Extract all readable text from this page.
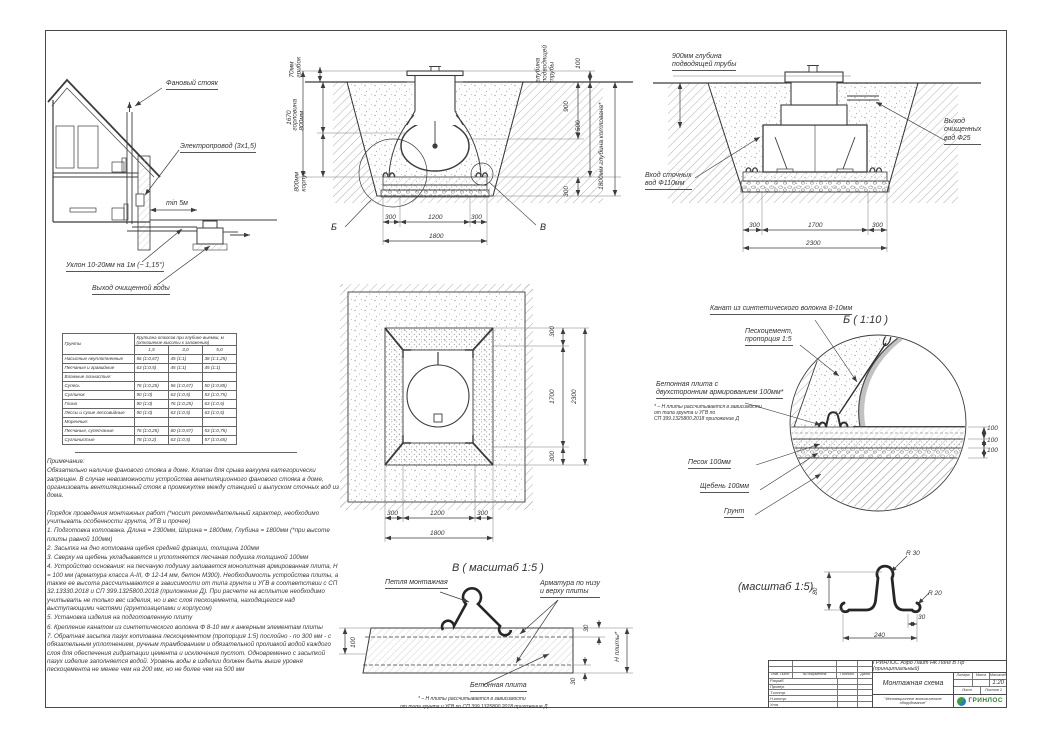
Фановый стояк
Электропровод (3х1,5)
min 5м
Уклон 10-20мм на 1м (~ 1,15°)
Выход очищенной воды
1670
70мм грибок
горловина 800мм
800мм корпус
глубина подводящей трубы	100
900
1500
300
1800мм глубина котлована*
300	1200	300
1800
Б	В
900мм глубина
подводящей трубы
Вход сточных
вод Ф110мм
Выход
очищенных
вод Ф25
300	1700	300
2300
300
1700
300
2300
300	1200	300
1800
Грунты	Крутизна откосов при глубине выемки, м (отношение высоты к заложению)		
	1,5	3,0	5,0
Насыпные неуплотненные	56 (1:0,67)	45 (1:1)	38 (1:1,25)
Песчаные и гравийные	63 (1:0,5)	45 (1:1)	45 (1:1)
Влажные глинистые:			
Супесь	76 (1:0,25)	56 (1:0,67)	50 (1:0,85)
Суглинок	90 (1:0)	63 (1:0,5)	53 (1:0,75)
Глина	90 (1:0)	76 (1:0,25)	63 (1:0,5)
Лессы и сухие лессовидные	90 (1:0)	63 (1:0,5)	63 (1:0,5)
Моренные:			
Песчаные, супесчаные	76 (1:0,25)	60 (1:0,57)	53 (1:0,75)
Суглинистые	78 (1:0,2)	63 (1:0,5)	57 (1:0,65)
Примечание:
Обязательно наличие фанового стояка в доме. Клапан для срыва вакуума категорически запрещен. В случае невозможности устройства вентиляционного фанового стояка в доме, организовать вентиляционный стояк в промежутке между станцией и выпуском сточных вод из дома.
Порядок проведения монтажных работ (*носит рекомендательный характер, необходимо учитывать особенности грунта, УГВ и прочее)
1. Подготовка котлована. Длина = 2300мм, Ширина = 1800мм, Глубина = 1800мм (*при высоте плиты равной 100мм)
2. Засыпка на дно котлована щебня средней фракции, толщина 100мм
3. Сверху на щебень укладывается и уплотняется песчаная подушка толщиной 100мм
4. Устройство основания: на песчаную подушку заливается монолитная армированная плита, Н = 100 мм (арматура класса А-III, Ф 12-14 мм, бетон М300). Необходимость устройства плиты, а также ее высота рассчитываются в зависимости от типа грунта и УГВ в соответствии с СП 32.13330.2018 и СП 399.1325800.2018 (приложение Д). При расчете на всплытие необходимо учитывать не только вес изделия, но и вес слоя пескоцемента, находящегося над выступающими частями (грунтозацепами и корпусом)
5. Установка изделия на подготовленную плиту
6. Крепление канатом из синтетического волокна Ф 8-10 мм к анкерным элементам плиты
7. Обратная засыпка пазух котлована пескоцементом (пропорция 1:5) послойно - по 300 мм - с обязательным уплотнением, ручным трамбованием и обязательной проливкой водой каждого слоя для обеспечения гидратации цемента и исключения пустот. Одновременно с засыпкой пазух изделие заполняется водой. Уровень воды в изделии должен быть выше уровня пескоцемента не менее чем на 200 мм, но не более чем на 500 мм
Б ( 1:10 )
Канат из синтетического волокна 8-10мм
Пескоцемент,
пропорция 1:5
Бетонная плита с
двухсторонним армированием 100мм*
* – Н плиты рассчитывается в зависимости
от типа грунта и УГВ по
СП 399.1325800.2018 приложение Д
Песок 100мм
Щебень 100мм
Грунт
100
100
100
В ( масштаб 1:5 )
Петля монтажная	Арматура по низу
и верху плиты
Бетонная плита
* – Н плиты рассчитывается в зависимости
от типа грунта и УГВ по СП 399.1325800.2018 приложение Д
100
30
30
Н плиты*
(масштаб 1:5)
R 30
R 20
30
240
80
Изм. Лист	№ документа	Подпись	Дата
Разраб.
Провер.
Т.контр.
Н.контр.
Утв.
ГРИНЛОС Аэро Лайт НК Лонг В Пр (принципиальный)
Монтажная схема
Литера	Масса	Масштаб
1:20
Лист	Листов 1
"Инновационное экологическое оборудование"	ГРИНЛОС
